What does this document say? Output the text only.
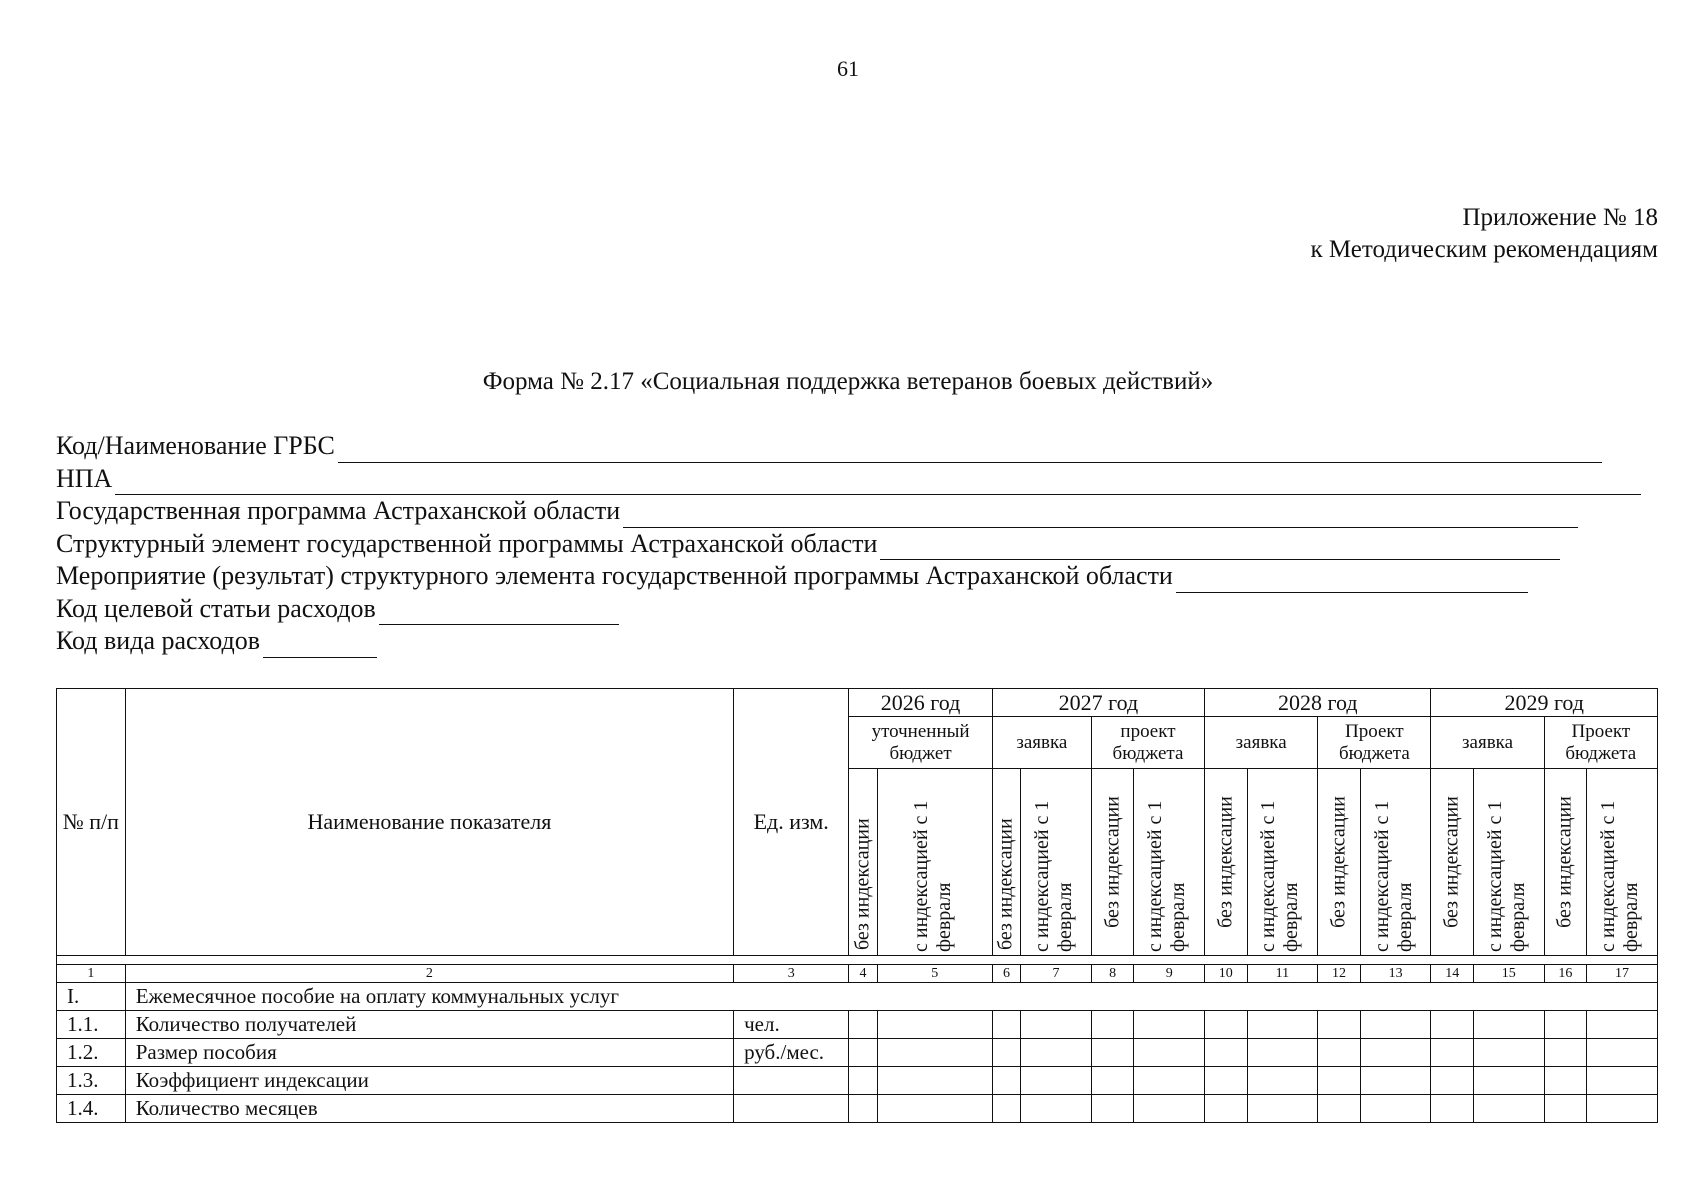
61
Приложение № 18
к Методическим рекомендациям
Форма № 2.17 «Социальная поддержка ветеранов боевых действий»
Код/Наименование ГРБС
НПА
Государственная программа Астраханской области
Структурный элемент государственной программы Астраханской области
Мероприятие (результат) структурного элемента государственной программы Астраханской области
Код целевой статьи расходов
Код вида расходов
№ п/п	Наименование показателя	Ед. изм.	2026 год		2027 год				2028 год				2029 год			
			уточненный бюджет		заявка		проект бюджета		заявка		Проект бюджета		заявка		Проект бюджета	

			без индексации	с индексацией с 1 февраля	без индексации	с индексацией с 1 февраля	без индексации	с индексацией с 1 февраля	без индексации	с индексацией с 1 февраля	без индексации	с индексацией с 1 февраля	без индексации	с индексацией с 1 февраля	без индексации	с индексацией с 1 февраля

1	2	3	4	5	6	7	8	9	10	11	12	13	14	15	16	17
I.	Ежемесячное пособие на оплату коммунальных услуг															
1.1.	Количество получателей	чел.														
1.2.	Размер пособия	руб./мес.														
1.3.	Коэффициент индексации															
1.4.	Количество месяцев															
